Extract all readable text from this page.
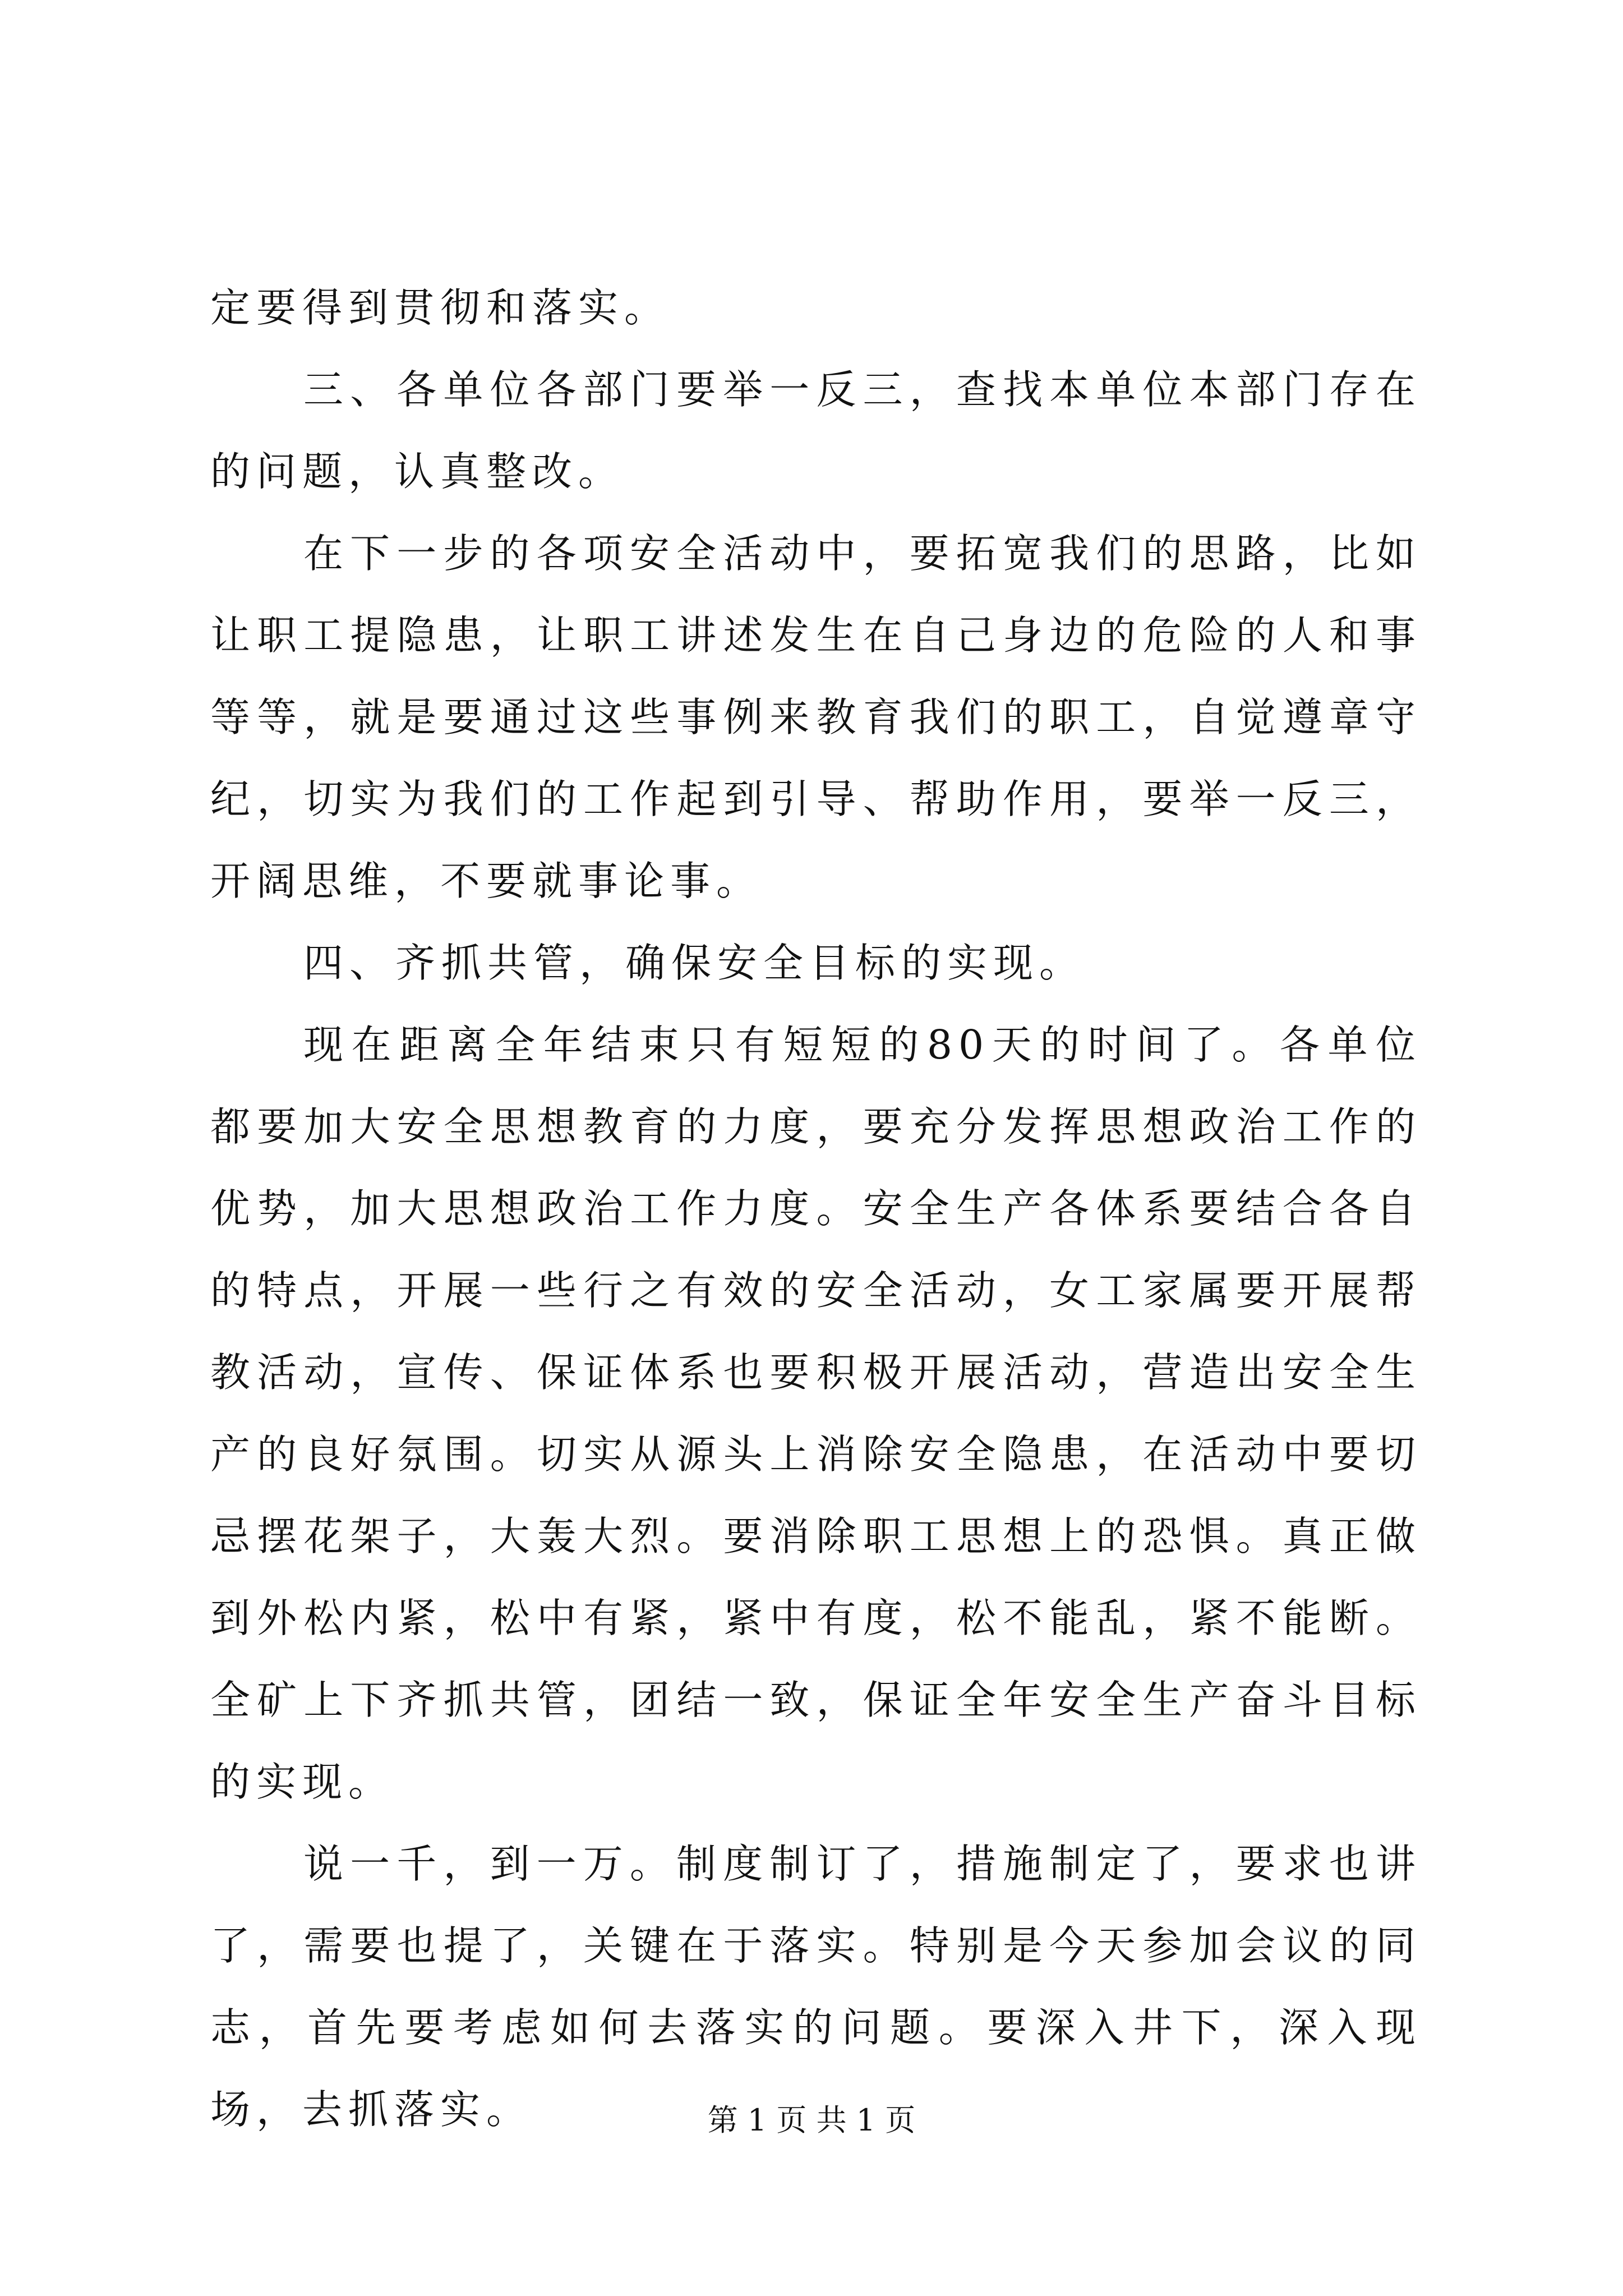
定要得到贯彻和落实。

三、各单位各部门要举一反三，查找本单位本部门存在的问题，认真整改。

在下一步的各项安全活动中，要拓宽我们的思路，比如让职工提隐患，让职工讲述发生在自己身边的危险的人和事等等，就是要通过这些事例来教育我们的职工，自觉遵章守纪，切实为我们的工作起到引导、帮助作用，要举一反三，开阔思维，不要就事论事。

四、齐抓共管，确保安全目标的实现。

现在距离全年结束只有短短的80天的时间了。各单位都要加大安全思想教育的力度，要充分发挥思想政治工作的优势，加大思想政治工作力度。安全生产各体系要结合各自的特点，开展一些行之有效的安全活动，女工家属要开展帮教活动，宣传、保证体系也要积极开展活动，营造出安全生产的良好氛围。切实从源头上消除安全隐患，在活动中要切忌摆花架子，大轰大烈。要消除职工思想上的恐惧。真正做到外松内紧，松中有紧，紧中有度，松不能乱，紧不能断。全矿上下齐抓共管，团结一致，保证全年安全生产奋斗目标的实现。

说一千，到一万。制度制订了，措施制定了，要求也讲了，需要也提了，关键在于落实。特别是今天参加会议的同志，首先要考虑如何去落实的问题。要深入井下，深入现场，去抓落实。	第 1 页 共 1 页
